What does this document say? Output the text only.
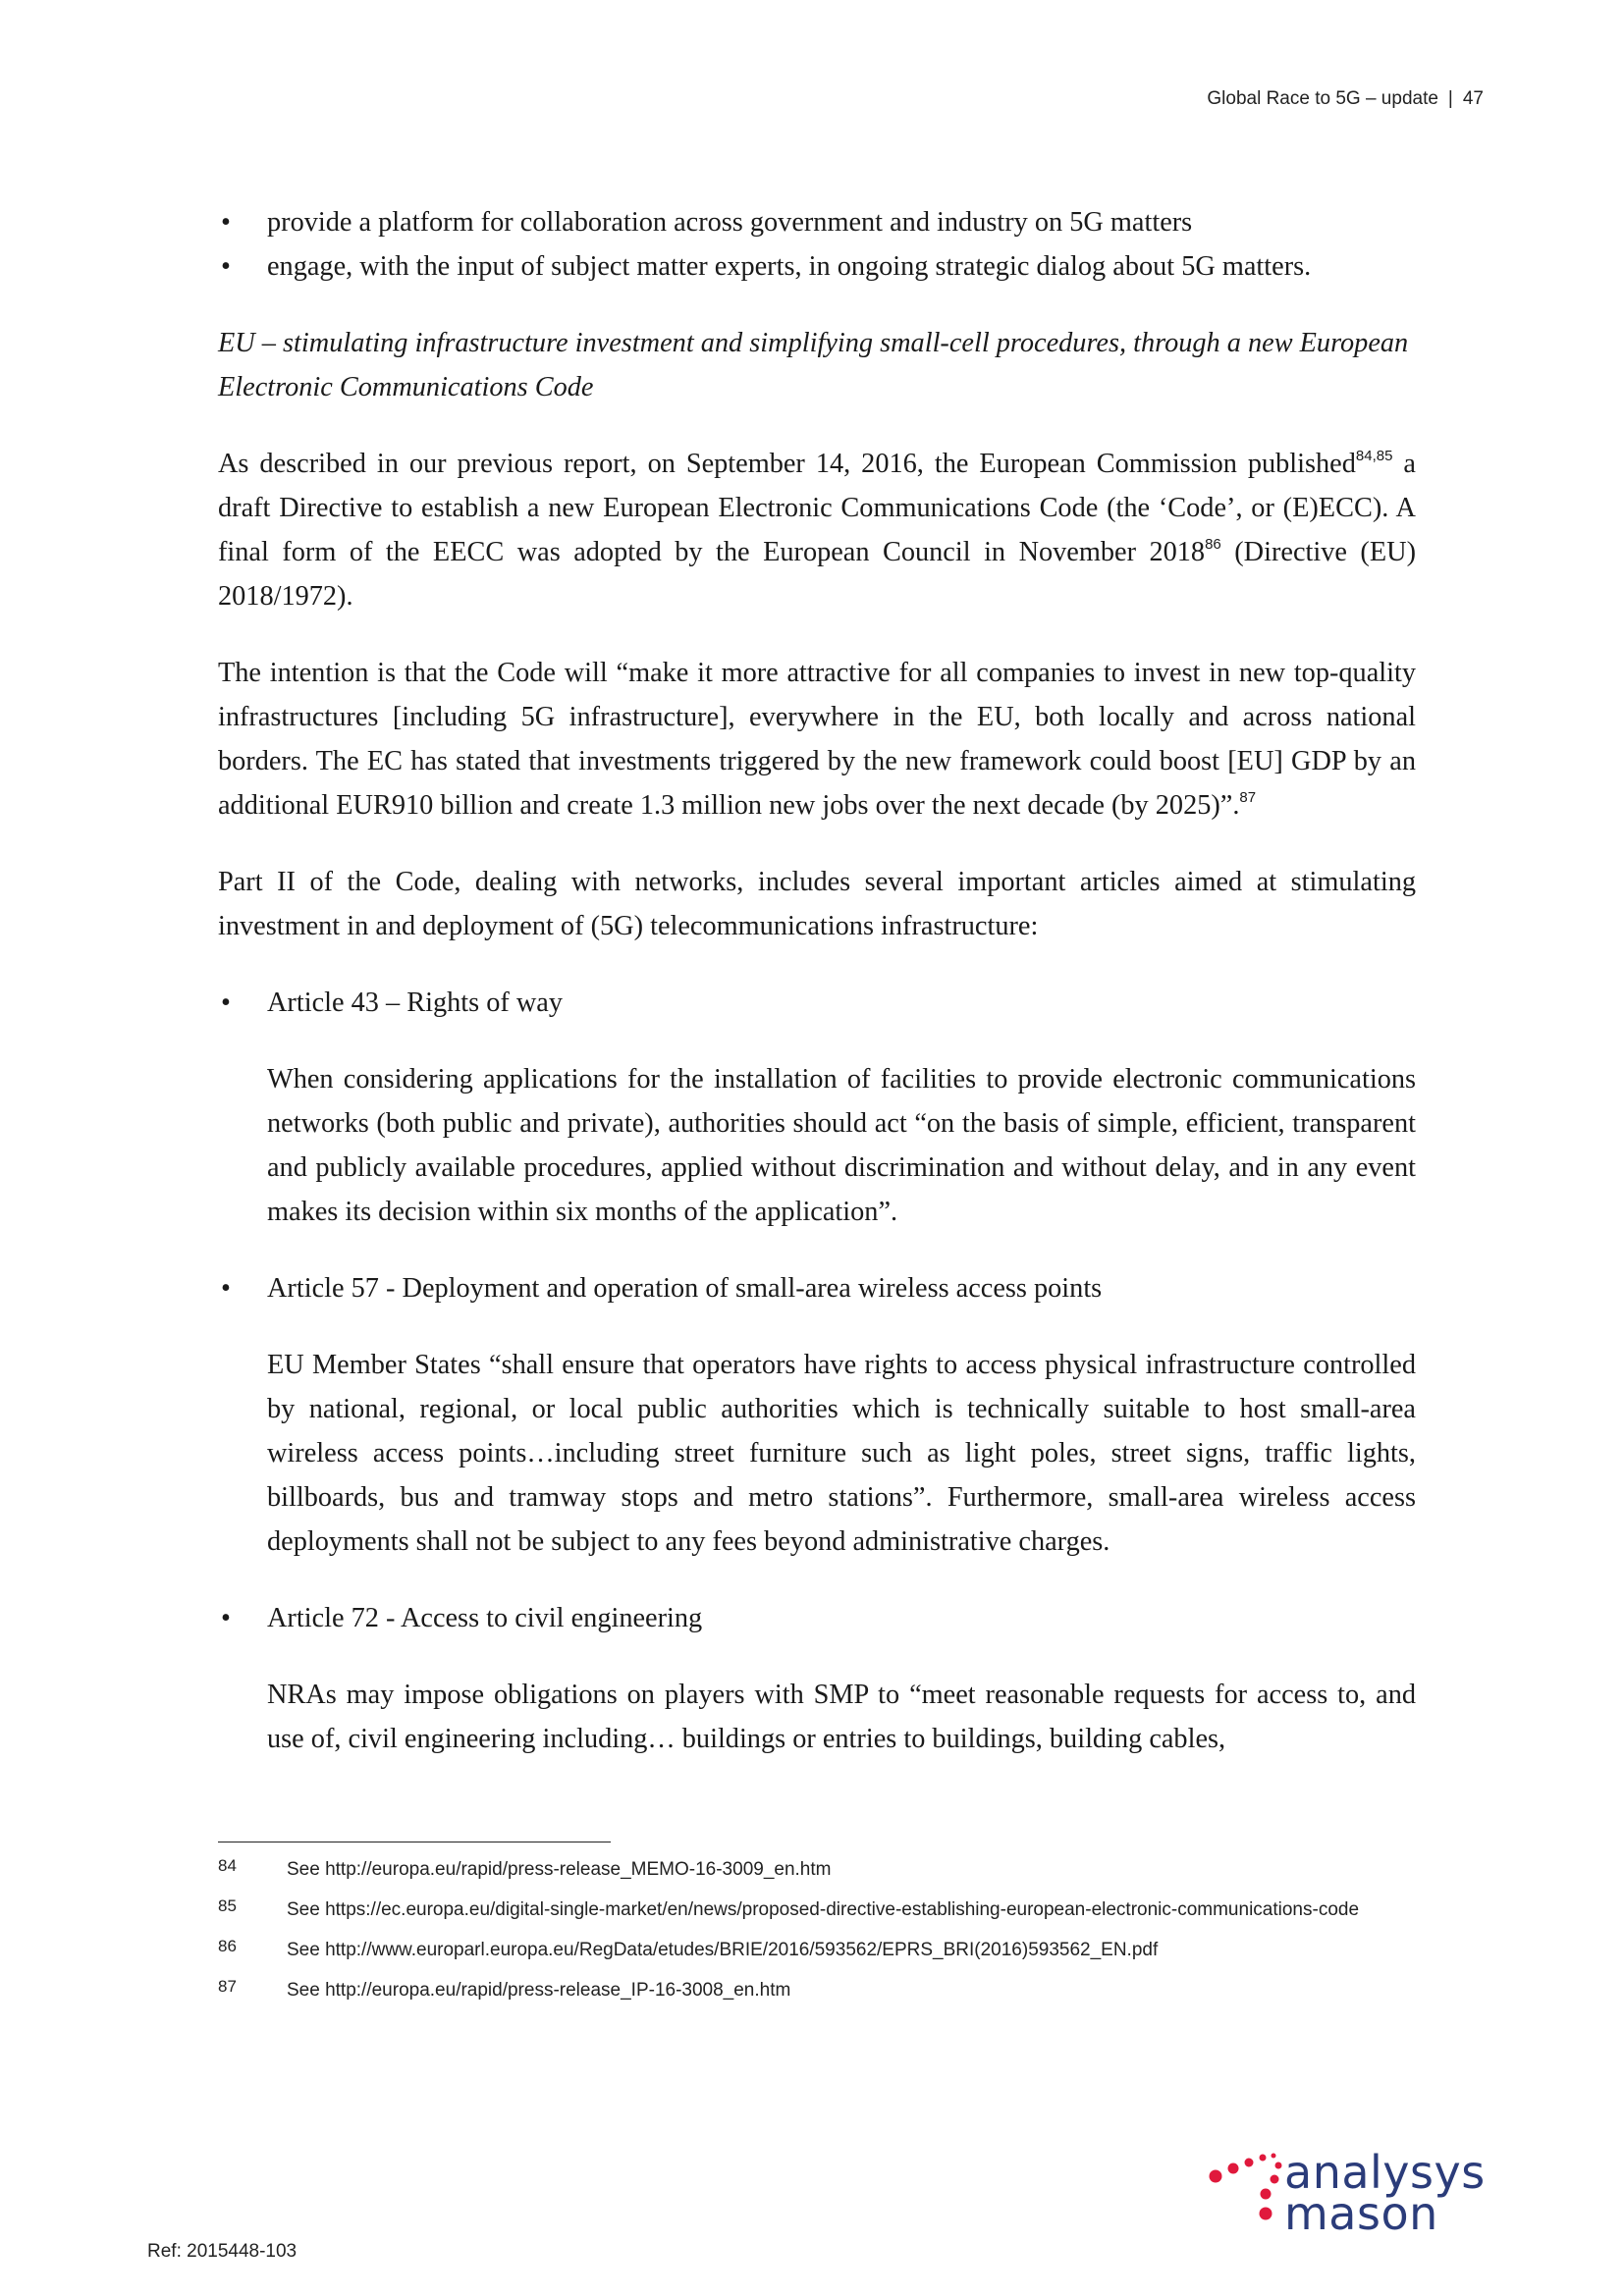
Global Race to 5G – update | 47
• provide a platform for collaboration across government and industry on 5G matters
• engage, with the input of subject matter experts, in ongoing strategic dialog about 5G matters.

EU – stimulating infrastructure investment and simplifying small-cell procedures, through a new European Electronic Communications Code

As described in our previous report, on September 14, 2016, the European Commission published$^{84,85}$ a draft Directive to establish a new European Electronic Communications Code (the ‘Code’, or (E)ECC). A final form of the EECC was adopted by the European Council in November 2018$^{86}$ (Directive (EU) 2018/1972).

The intention is that the Code will “make it more attractive for all companies to invest in new top-quality infrastructures [including 5G infrastructure], everywhere in the EU, both locally and across national borders. The EC has stated that investments triggered by the new framework could boost [EU] GDP by an additional EUR910 billion and create 1.3 million new jobs over the next decade (by 2025)”.$^{87}$

Part II of the Code, dealing with networks, includes several important articles aimed at stimulating investment in and deployment of (5G) telecommunications infrastructure:

• Article 43 – Rights of way

When considering applications for the installation of facilities to provide electronic communications networks (both public and private), authorities should act “on the basis of simple, efficient, transparent and publicly available procedures, applied without discrimination and without delay, and in any event makes its decision within six months of the application”.

• Article 57 - Deployment and operation of small-area wireless access points

EU Member States “shall ensure that operators have rights to access physical infrastructure controlled by national, regional, or local public authorities which is technically suitable to host small-area wireless access points…including street furniture such as light poles, street signs, traffic lights, billboards, bus and tramway stops and metro stations”. Furthermore, small-area wireless access deployments shall not be subject to any fees beyond administrative charges.

• Article 72 - Access to civil engineering

NRAs may impose obligations on players with SMP to “meet reasonable requests for access to, and use of, civil engineering including… buildings or entries to buildings, building cables,

84	See http://europa.eu/rapid/press-release_MEMO-16-3009_en.htm
85	See https://ec.europa.eu/digital-single-market/en/news/proposed-directive-establishing-european-electronic-communications-code
86	See http://www.europarl.europa.eu/RegData/etudes/BRIE/2016/593562/EPRS_BRI(2016)593562_EN.pdf
87	See http://europa.eu/rapid/press-release_IP-16-3008_en.htm
Ref: 2015448-103
analysys
mason
